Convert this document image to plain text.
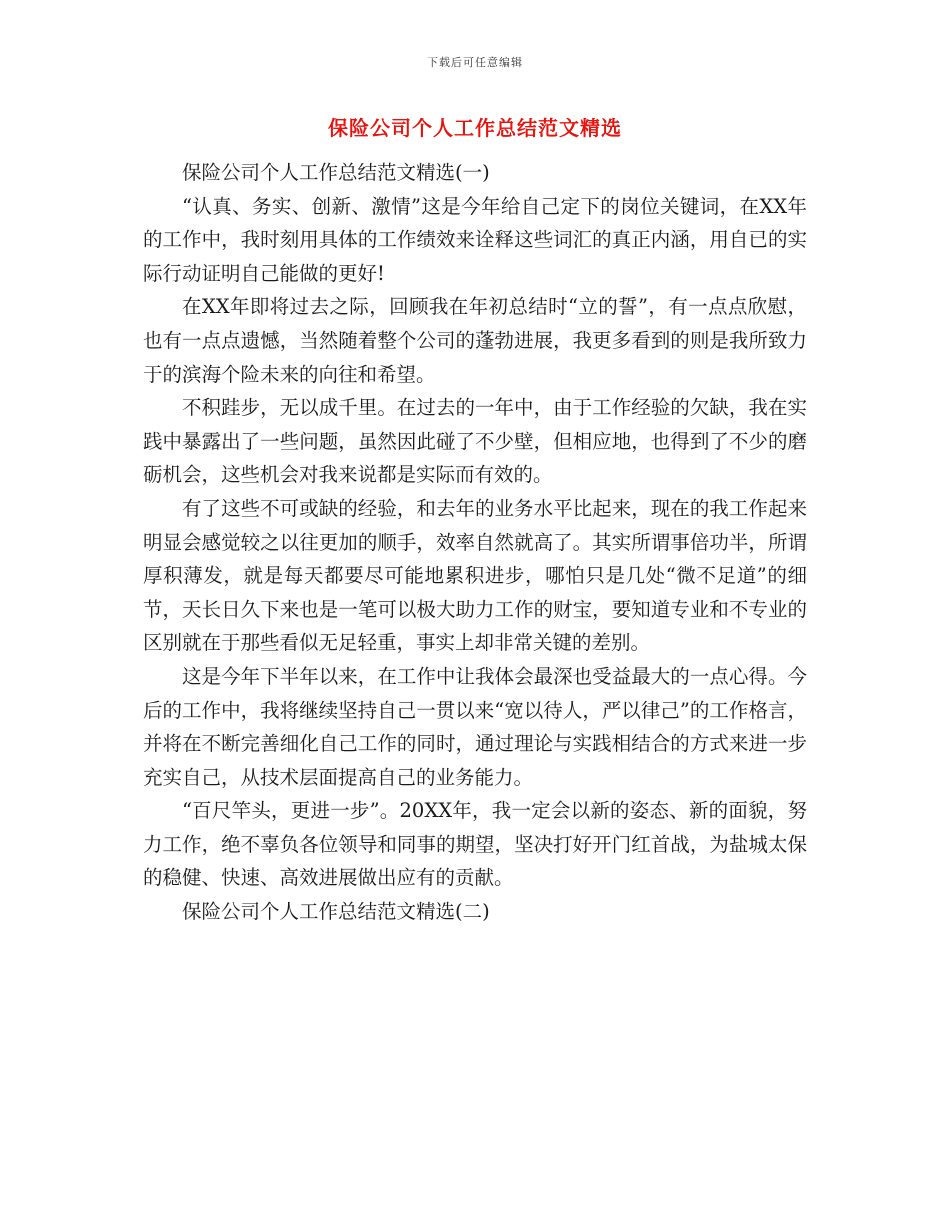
下载后可任意编辑
保险公司个人工作总结范文精选

保险公司个人工作总结范文精选(一)

“认真、务实、创新、激情”这是今年给自己定下的岗位关键词，在XX年的工作中，我时刻用具体的工作绩效来诠释这些词汇的真正内涵，用自已的实际行动证明自己能做的更好!

在XX年即将过去之际，回顾我在年初总结时“立的誓”，有一点点欣慰，也有一点点遗憾，当然随着整个公司的蓬勃进展，我更多看到的则是我所致力于的滨海个险未来的向往和希望。

不积跬步，无以成千里。在过去的一年中，由于工作经验的欠缺，我在实践中暴露出了一些问题，虽然因此碰了不少壁，但相应地，也得到了不少的磨砺机会，这些机会对我来说都是实际而有效的。

有了这些不可或缺的经验，和去年的业务水平比起来，现在的我工作起来明显会感觉较之以往更加的顺手，效率自然就高了。其实所谓事倍功半，所谓厚积薄发，就是每天都要尽可能地累积进步，哪怕只是几处“微不足道”的细节，天长日久下来也是一笔可以极大助力工作的财宝，要知道专业和不专业的区别就在于那些看似无足轻重，事实上却非常关键的差别。

这是今年下半年以来，在工作中让我体会最深也受益最大的一点心得。今后的工作中，我将继续坚持自己一贯以来“宽以待人，严以律己”的工作格言，并将在不断完善细化自己工作的同时，通过理论与实践相结合的方式来进一步充实自己，从技术层面提高自己的业务能力。

“百尺竿头，更进一步”。20XX年，我一定会以新的姿态、新的面貌，努力工作，绝不辜负各位领导和同事的期望，坚决打好开门红首战，为盐城太保的稳健、快速、高效进展做出应有的贡献。

保险公司个人工作总结范文精选(二)
